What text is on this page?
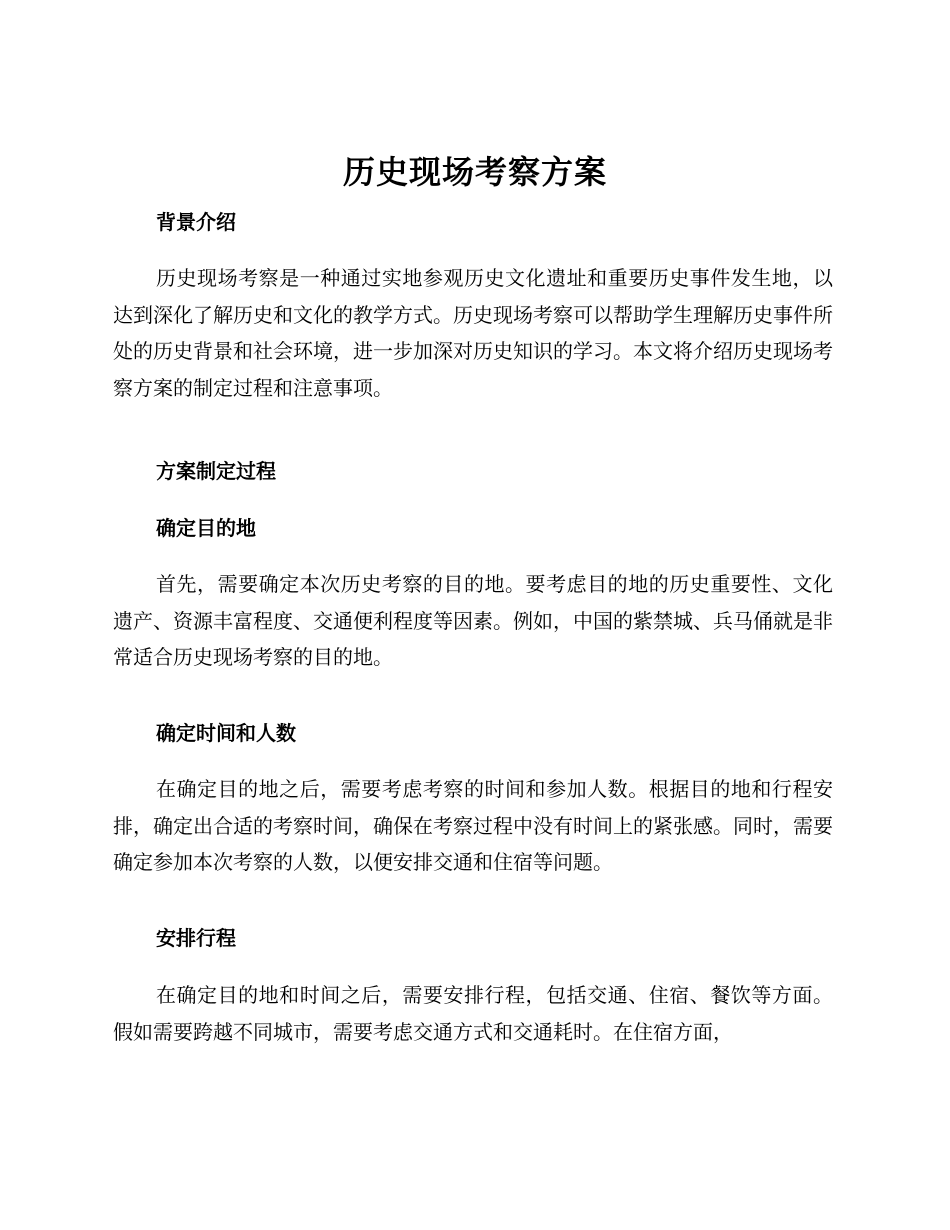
历史现场考察方案
背景介绍

历史现场考察是一种通过实地参观历史文化遗址和重要历史事件发生地，以达到深化了解历史和文化的教学方式。历史现场考察可以帮助学生理解历史事件所处的历史背景和社会环境，进一步加深对历史知识的学习。本文将介绍历史现场考察方案的制定过程和注意事项。

方案制定过程
确定目的地

首先，需要确定本次历史考察的目的地。要考虑目的地的历史重要性、文化遗产、资源丰富程度、交通便利程度等因素。例如，中国的紫禁城、兵马俑就是非常适合历史现场考察的目的地。

确定时间和人数

在确定目的地之后，需要考虑考察的时间和参加人数。根据目的地和行程安排，确定出合适的考察时间，确保在考察过程中没有时间上的紧张感。同时，需要确定参加本次考察的人数，以便安排交通和住宿等问题。

安排行程

在确定目的地和时间之后，需要安排行程，包括交通、住宿、餐饮等方面。假如需要跨越不同城市，需要考虑交通方式和交通耗时。在住宿方面，
